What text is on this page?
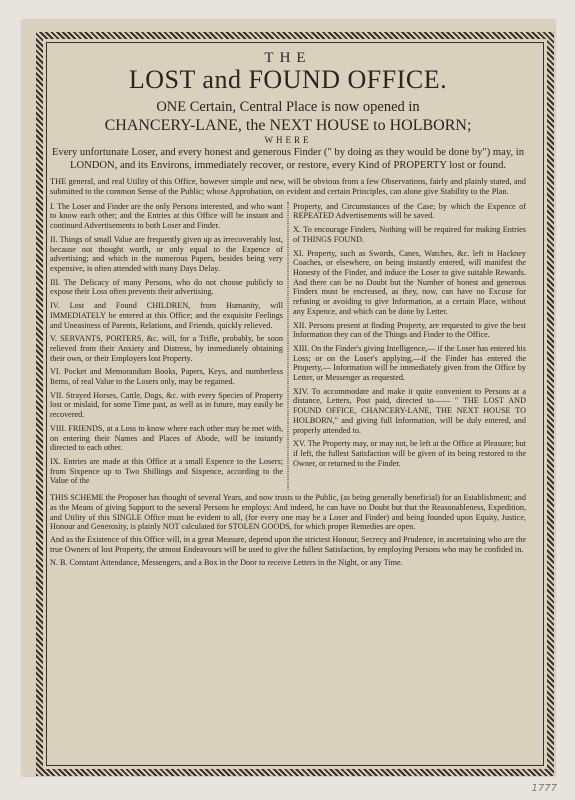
THE
LOST and FOUND OFFICE.
ONE Certain, Central Place is now opened in
CHANCERY-LANE, the NEXT HOUSE to HOLBORN;
WHERE
Every unfortunate Loser, and every honest and generous Finder (" by doing as they would be done by") may, in LONDON, and its Environs, immediately recover, or restore, every Kind of PROPERTY lost or found.
THE general, and real Utility of this Office, however simple and new, will be obvious from a few Observations, fairly and plainly stated, and submitted to the common Sense of the Public; whose Approbation, on evident and certain Principles, can alone give Stability to the Plan.

I. The Loser and Finder are the only Persons interested, and who want to know each other; and the Entries at this Office will be instant and continued Advertisements to both Loser and Finder.

II. Things of small Value are frequently given up as irrecoverably lost, because not thought worth, or only equal to the Expence of advertising; and which in the numerous Papers, besides being very expensive, is often attended with many Days Delay.

III. The Delicacy of many Persons, who do not choose publicly to expose their Loss often prevents their advertising.

IV. Lost and Found CHILDREN, from Humanity, will IMMEDIATELY be entered at this Office; and the exquisite Feelings and Uneasiness of Parents, Relations, and Friends, quickly relieved.

V. SERVANTS, PORTERS, &c. will, for a Trifle, probably, be soon relieved from their Anxiety and Distress, by immediately obtaining their own, or their Employers lost Property.

VI. Pocket and Memorandum Books, Papers, Keys, and numberless Items, of real Value to the Losers only, may be regained.

VII. Strayed Horses, Cattle, Dogs, &c. with every Species of Property lost or mislaid, for some Time past, as well as in future, may easily be recovered.

VIII. FRIENDS, at a Loss to know where each other may be met with, on entering their Names and Places of Abode, will be instantly directed to each other.

IX. Entries are made at this Office at a small Expence to the Losers; from Sixpence up to Two Shillings and Sixpence, according to the Value of the

Property, and Circumstances of the Case; by which the Expence of REPEATED Advertisements will be saved.

X. To encourage Finders, Nothing will be required for making Entries of THINGS FOUND.

XI. Property, such as Swords, Canes, Watches, &c. left in Hackney Coaches, or elsewhere, on being instantly entered, will manifest the Honesty of the Finder, and induce the Loser to give suitable Rewards. And there can be no Doubt but the Number of honest and generous Finders must be encreased, as they, now, can have no Excuse for refusing or avoiding to give Information, at a certain Place, without any Expence, and which can be done by Letter.

XII. Persons present at finding Property, are requested to give the best Information they can of the Things and Finder to the Office.

XIII. On the Finder's giving Intelligence,— if the Loser has entered his Loss; or on the Loser's applying,—if the Finder has entered the Property,— Information will be immediately given from the Office by Letter, or Messenger as requested.

XIV. To accommodate and make it quite convenient to Persons at a distance, Letters, Post paid, directed to—— " THE LOST AND FOUND OFFICE, CHANCERY-LANE, THE NEXT HOUSE TO HOLBORN," and giving full Information, will be duly entered, and properly attended to.

XV. The Property may, or may not, be left at the Office at Pleasure; but if left, the fullest Satisfaction will be given of its being restored to the Owner, or returned to the Finder.

THIS SCHEME the Proposer has thought of several Years, and now trusts to the Public, (as being generally beneficial) for an Establishment; and as the Means of giving Support to the several Persons he employs: And indeed, he can have no Doubt but that the Reasonableness, Expedition, and Utility of this SINGLE Office must be evident to all, (for every one may be a Loser and Finder) and being founded upon Equity, Justice, Honour and Generosity, is plainly NOT calculated for STOLEN GOODS, for which proper Remedies are open.

And as the Existence of this Office will, in a great Measure, depend upon the strictest Honour, Secrecy and Prudence, in ascertaining who are the true Owners of lost Property, the utmost Endeavours will be used to give the fullest Satisfaction, by employing Persons who may be confided in.

N. B. Constant Attendance, Messengers, and a Box in the Door to receive Letters in the Night, or any Time.

1777
